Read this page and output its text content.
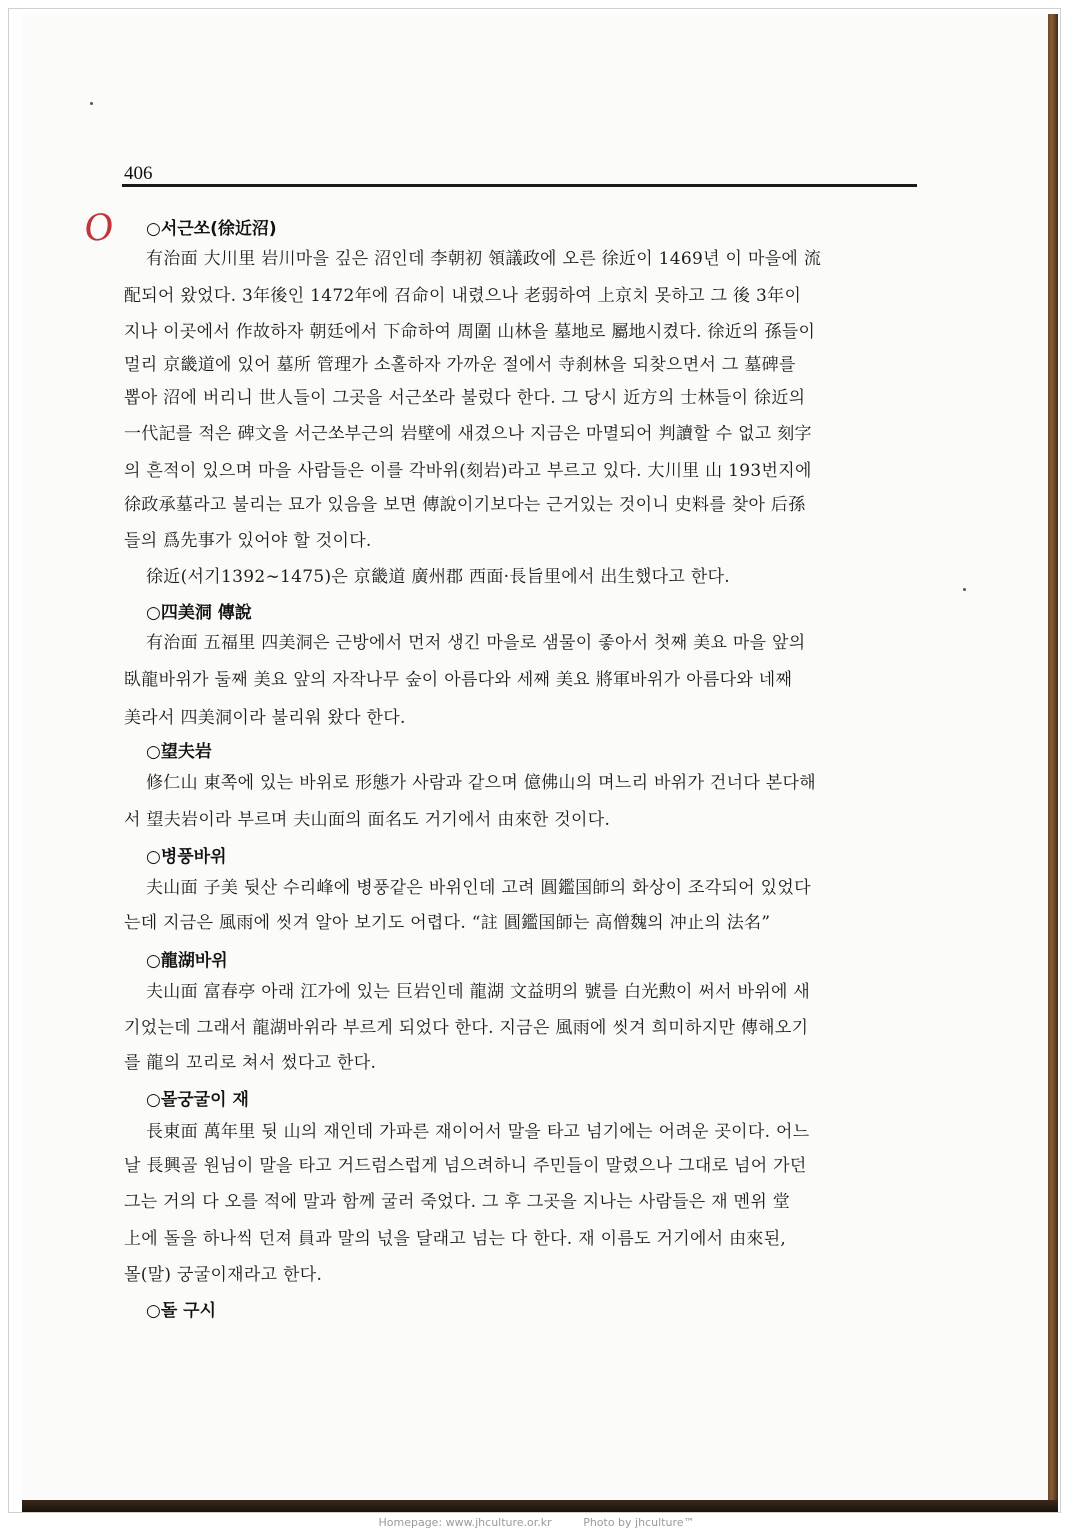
406
O ○서근쏘(徐近沼)
有治面 大川里 岩川마을 깊은 沼인데 李朝初 領議政에 오른 徐近이 1469년 이 마을에 流
配되어 왔었다. 3年後인 1472年에 召命이 내렸으나 老弱하여 上京치 못하고 그 後 3年이
지나 이곳에서 作故하자 朝廷에서 下命하여 周圍 山林을 墓地로 屬地시켰다. 徐近의 孫들이
멀리 京畿道에 있어 墓所 管理가 소홀하자 가까운 절에서 寺刹林을 되찾으면서 그 墓碑를
뽑아 沼에 버리니 世人들이 그곳을 서근쏘라 불렀다 한다. 그 당시 近方의 士林들이 徐近의
一代記를 적은 碑文을 서근쏘부근의 岩壁에 새겼으나 지금은 마멸되어 判讀할 수 없고 刻字
의 흔적이 있으며 마을 사람들은 이를 각바위(刻岩)라고 부르고 있다. 大川里 山 193번지에
徐政承墓라고 불리는 묘가 있음을 보면 傳說이기보다는 근거있는 것이니 史料를 찾아 后孫
들의 爲先事가 있어야 할 것이다.
徐近(서기1392∼1475)은 京畿道 廣州郡 西面·長旨里에서 出生했다고 한다.
○四美洞 傳說
有治面 五福里 四美洞은 근방에서 먼저 생긴 마을로 샘물이 좋아서 첫째 美요 마을 앞의
臥龍바위가 둘째 美요 앞의 자작나무 숲이 아름다와 세째 美요 將軍바위가 아름다와 네째
美라서 四美洞이라 불리워 왔다 한다.
○望夫岩
修仁山 東쪽에 있는 바위로 形態가 사람과 같으며 億佛山의 며느리 바위가 건너다 본다해
서 望夫岩이라 부르며 夫山面의 面名도 거기에서 由來한 것이다.
○병풍바위
夫山面 子美 뒷산 수리峰에 병풍같은 바위인데 고려 圓鑑国師의 화상이 조각되어 있었다
는데 지금은 風雨에 씻겨 알아 보기도 어렵다. “註 圓鑑国師는 高僧魏의 冲止의 法名”
○龍湖바위
夫山面 富春亭 아래 江가에 있는 巨岩인데 龍湖 文益明의 號를 白光勲이 써서 바위에 새
기었는데 그래서 龍湖바위라 부르게 되었다 한다. 지금은 風雨에 씻겨 희미하지만 傳해오기
를 龍의 꼬리로 쳐서 썼다고 한다.
○몰궁굴이 재
長東面 萬年里 뒷 山의 재인데 가파른 재이어서 말을 타고 넘기에는 어려운 곳이다. 어느
날 長興골 원님이 말을 타고 거드럼스럽게 넘으려하니 주민들이 말렸으나 그대로 넘어 가던
그는 거의 다 오를 적에 말과 함께 굴러 죽었다. 그 후 그곳을 지나는 사람들은 재 멘위 堂
上에 돌을 하나씩 던져 員과 말의 넋을 달래고 넘는 다 한다. 재 이름도 거기에서 由來된,
몰(말) 궁굴이재라고 한다.
○돌 구시
Homepage: www.jhculture.or.kr	Photo by jhculture™
